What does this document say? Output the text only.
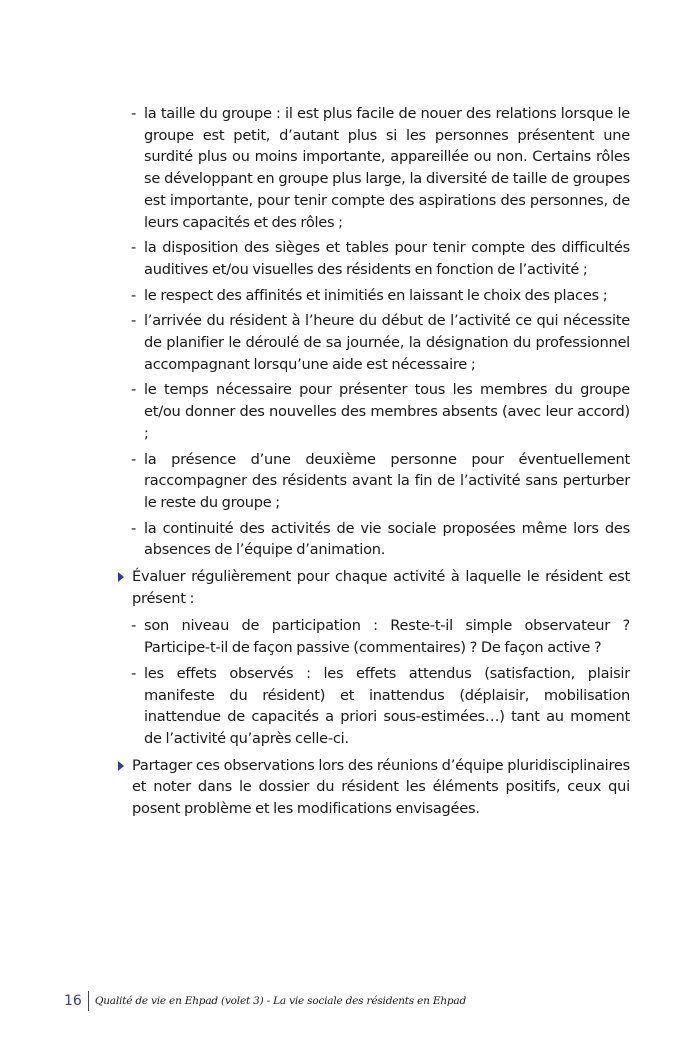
- la taille du groupe : il est plus facile de nouer des relations lorsque le groupe est petit, d’autant plus si les personnes présentent une surdité plus ou moins importante, appareillée ou non. Certains rôles se développant en groupe plus large, la diversité de taille de groupes est importante, pour tenir compte des aspirations des personnes, de leurs capacités et des rôles ;
- la disposition des sièges et tables pour tenir compte des difficultés auditives et/ou visuelles des résidents en fonction de l’activité ;
- le respect des affinités et inimitiés en laissant le choix des places ;
- l’arrivée du résident à l’heure du début de l’activité ce qui nécessite de planifier le déroulé de sa journée, la désignation du professionnel accompagnant lorsqu’une aide est nécessaire ;
- le temps nécessaire pour présenter tous les membres du groupe et/ou donner des nouvelles des membres absents (avec leur accord) ;
- la présence d’une deuxième personne pour éventuellement raccompagner des résidents avant la fin de l’activité sans perturber le reste du groupe ;
- la continuité des activités de vie sociale proposées même lors des absences de l’équipe d’animation.
Évaluer régulièrement pour chaque activité à laquelle le résident est présent :
- son niveau de participation : Reste-t-il simple observateur ? Participe-t-il de façon passive (commentaires) ? De façon active ?
- les effets observés : les effets attendus (satisfaction, plaisir manifeste du résident) et inattendus (déplaisir, mobilisation inattendue de capacités a priori sous-estimées…) tant au moment de l’activité qu’après celle-ci.
Partager ces observations lors des réunions d’équipe pluridisciplinaires et noter dans le dossier du résident les éléments positifs, ceux qui posent problème et les modifications envisagées.
16	Qualité de vie en Ehpad (volet 3) - La vie sociale des résidents en Ehpad
